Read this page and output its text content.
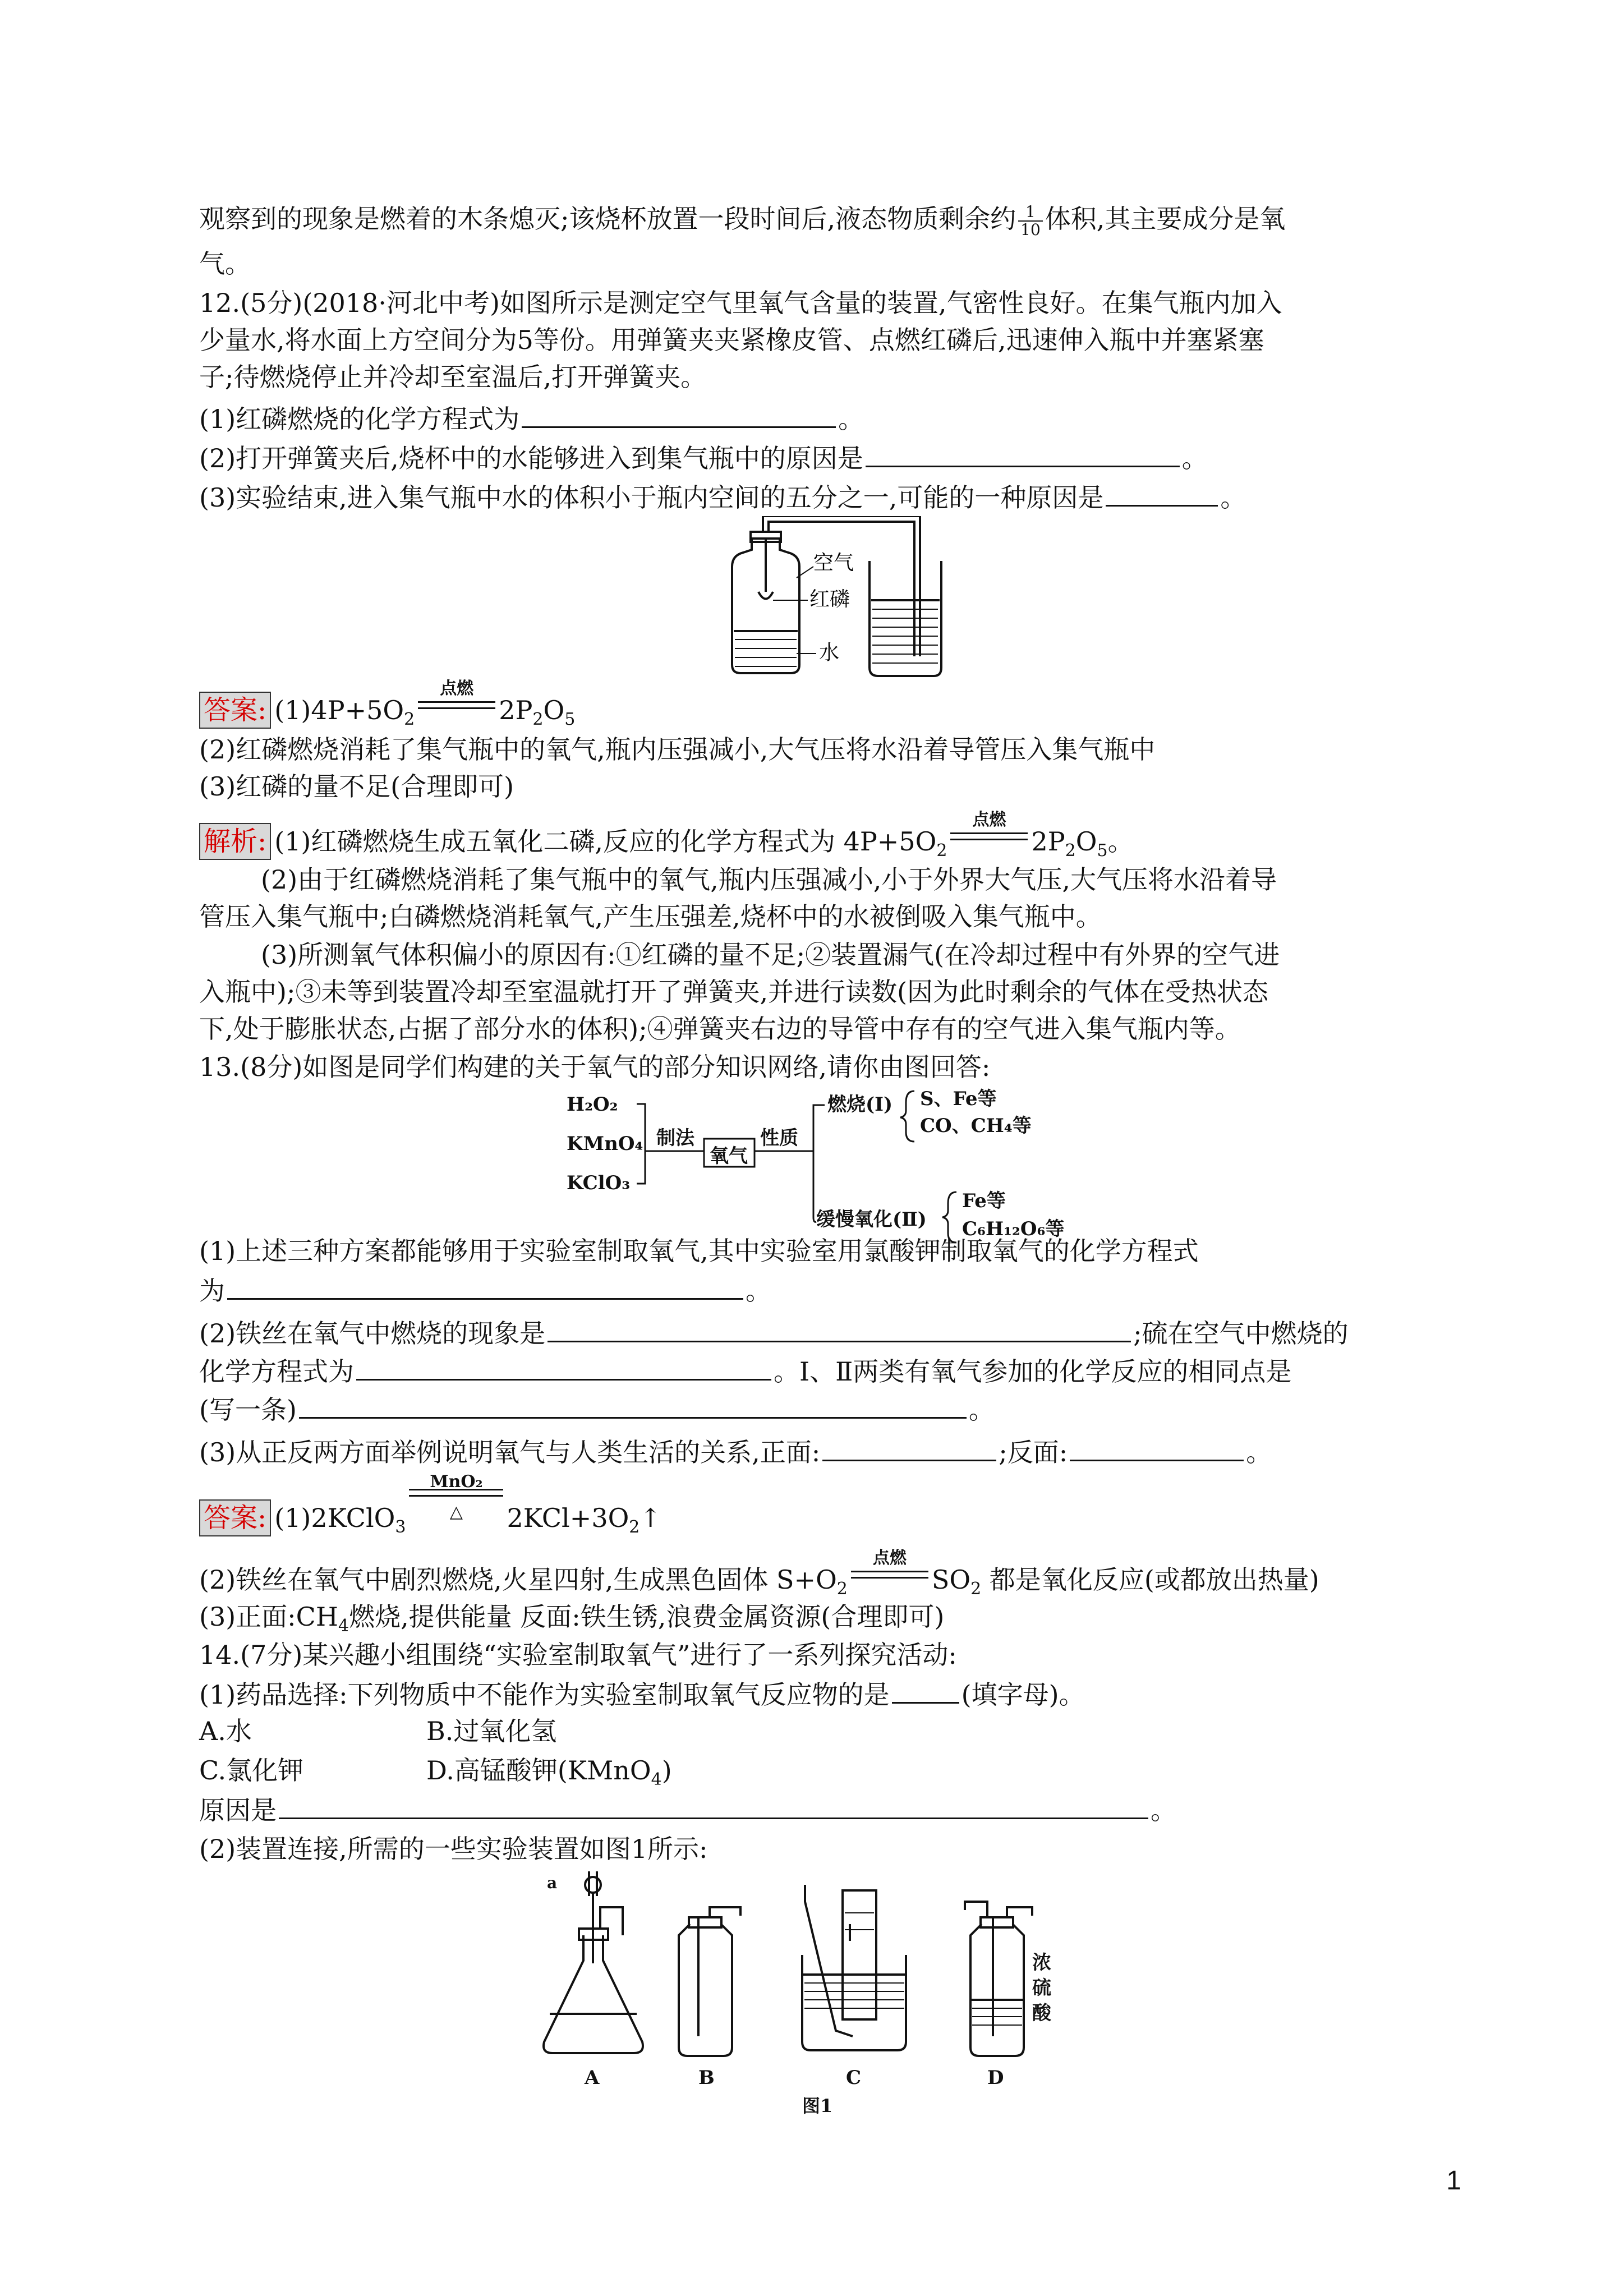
观察到的现象是燃着的木条熄灭;该烧杯放置一段时间后,液态物质剩余约 $\frac{1}{10}$ 体积,其主要成分是氧
气。
12.(5分)(2018·河北中考)如图所示是测定空气里氧气含量的装置,气密性良好。在集气瓶内加入
少量水,将水面上方空间分为5等份。用弹簧夹夹紧橡皮管、点燃红磷后,迅速伸入瓶中并塞紧塞
子;待燃烧停止并冷却至室温后,打开弹簧夹。
(1)红磷燃烧的化学方程式为	。
(2)打开弹簧夹后,烧杯中的水能够进入到集气瓶中的原因是	。
(3)实验结束,进入集气瓶中水的体积小于瓶内空间的五分之一,可能的一种原因是	。
空气
红磷
水
答案: $(1)4P+5O_2$
点燃
$2P_2O_5$
(2)红磷燃烧消耗了集气瓶中的氧气,瓶内压强减小,大气压将水沿着导管压入集气瓶中
(3)红磷的量不足(合理即可)
解析: (1)红磷燃烧生成五氧化二磷,反应的化学方程式为 $4P+5O_2$
点燃
$2P_2O_5$。
(2)由于红磷燃烧消耗了集气瓶中的氧气,瓶内压强减小,小于外界大气压,大气压将水沿着导
管压入集气瓶中;白磷燃烧消耗氧气,产生压强差,烧杯中的水被倒吸入集气瓶中。
(3)所测氧气体积偏小的原因有:①红磷的量不足;②装置漏气(在冷却过程中有外界的空气进
入瓶中);③未等到装置冷却至室温就打开了弹簧夹,并进行读数(因为此时剩余的气体在受热状态
下,处于膨胀状态,占据了部分水的体积);④弹簧夹右边的导管中存有的空气进入集气瓶内等。
13.(8分)如图是同学们构建的关于氧气的部分知识网络,请你由图回答:
H₂O₂
KMnO₄
KClO₃
制法
氧气
性质
燃烧(Ⅰ) S、Fe等
CO、CH₄等
缓慢氧化(Ⅱ)
Fe等
C₆H₁₂O₆等
(1)上述三种方案都能够用于实验室制取氧气,其中实验室用氯酸钾制取氧气的化学方程式
为	。
(2)铁丝在氧气中燃烧的现象是	;硫在空气中燃烧的
化学方程式为	。Ⅰ、Ⅱ两类有氧气参加的化学反应的相同点是
(写一条)	。
(3)从正反两方面举例说明氧气与人类生活的关系,正面:	;反面:	。
答案: (1)2KClO$_3$
MnO₂
△	$2KCl+3O_2↑$
(2)铁丝在氧气中剧烈燃烧,火星四射,生成黑色固体 $S+O_2$
点燃
$SO_2$ 都是氧化反应(或都放出热量)
(3)正面$:CH_4$燃烧,提供能量 反面:铁生锈,浪费金属资源(合理即可)
14.(7分)某兴趣小组围绕“实验室制取氧气”进行了一系列探究活动:
(1)药品选择:下列物质中不能作为实验室制取氧气反应物的是	(填字母)。
A.水	B.过氧化氢
C.氯化钾	D.高锰酸钾(KMnO$_4$)
原因是	。
(2)装置连接,所需的一些实验装置如图1所示:
a
A	B	C	D
浓
硫
酸
图1
1
